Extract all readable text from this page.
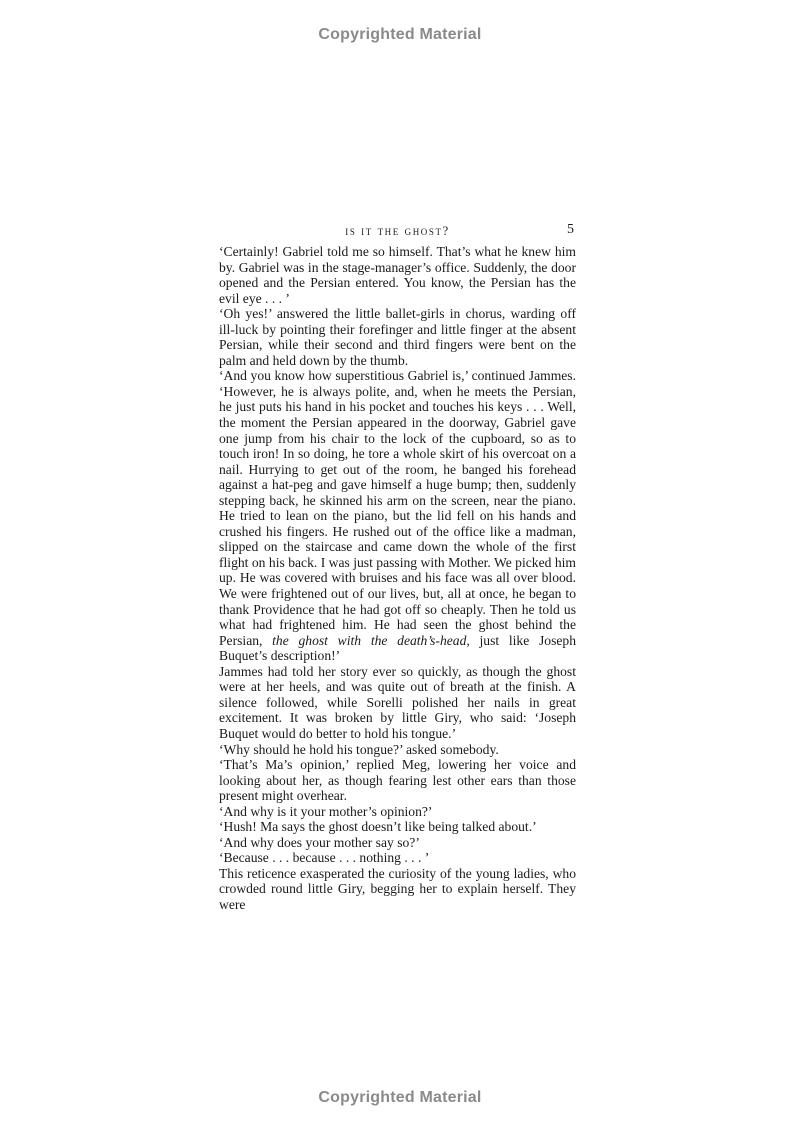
Copyrighted Material
is it the ghost?	5

‘Certainly! Gabriel told me so himself. That’s what he knew him by. Gabriel was in the stage-manager’s office. Suddenly, the door opened and the Persian entered. You know, the Persian has the evil eye . . . ’

‘Oh yes!’ answered the little ballet-girls in chorus, warding off ill-luck by pointing their forefinger and little finger at the absent Persian, while their second and third fingers were bent on the palm and held down by the thumb.

‘And you know how superstitious Gabriel is,’ continued Jammes. ‘However, he is always polite, and, when he meets the Persian, he just puts his hand in his pocket and touches his keys . . . Well, the moment the Persian appeared in the doorway, Gabriel gave one jump from his chair to the lock of the cupboard, so as to touch iron! In so doing, he tore a whole skirt of his overcoat on a nail. Hurrying to get out of the room, he banged his forehead against a hat-peg and gave himself a huge bump; then, suddenly stepping back, he skinned his arm on the screen, near the piano. He tried to lean on the piano, but the lid fell on his hands and crushed his fingers. He rushed out of the office like a madman, slipped on the staircase and came down the whole of the first flight on his back. I was just passing with Mother. We picked him up. He was covered with bruises and his face was all over blood. We were frightened out of our lives, but, all at once, he began to thank Providence that he had got off so cheaply. Then he told us what had frightened him. He had seen the ghost behind the Persian, the ghost with the death’s-head, just like Joseph Buquet’s description!’

Jammes had told her story ever so quickly, as though the ghost were at her heels, and was quite out of breath at the finish. A silence followed, while Sorelli polished her nails in great excitement. It was broken by little Giry, who said: ‘Joseph Buquet would do better to hold his tongue.’

‘Why should he hold his tongue?’ asked somebody.

‘That’s Ma’s opinion,’ replied Meg, lowering her voice and looking about her, as though fearing lest other ears than those present might overhear.

‘And why is it your mother’s opinion?’

‘Hush! Ma says the ghost doesn’t like being talked about.’

‘And why does your mother say so?’

‘Because . . . because . . . nothing . . . ’

This reticence exasperated the curiosity of the young ladies, who crowded round little Giry, begging her to explain herself. They were

Copyrighted Material
